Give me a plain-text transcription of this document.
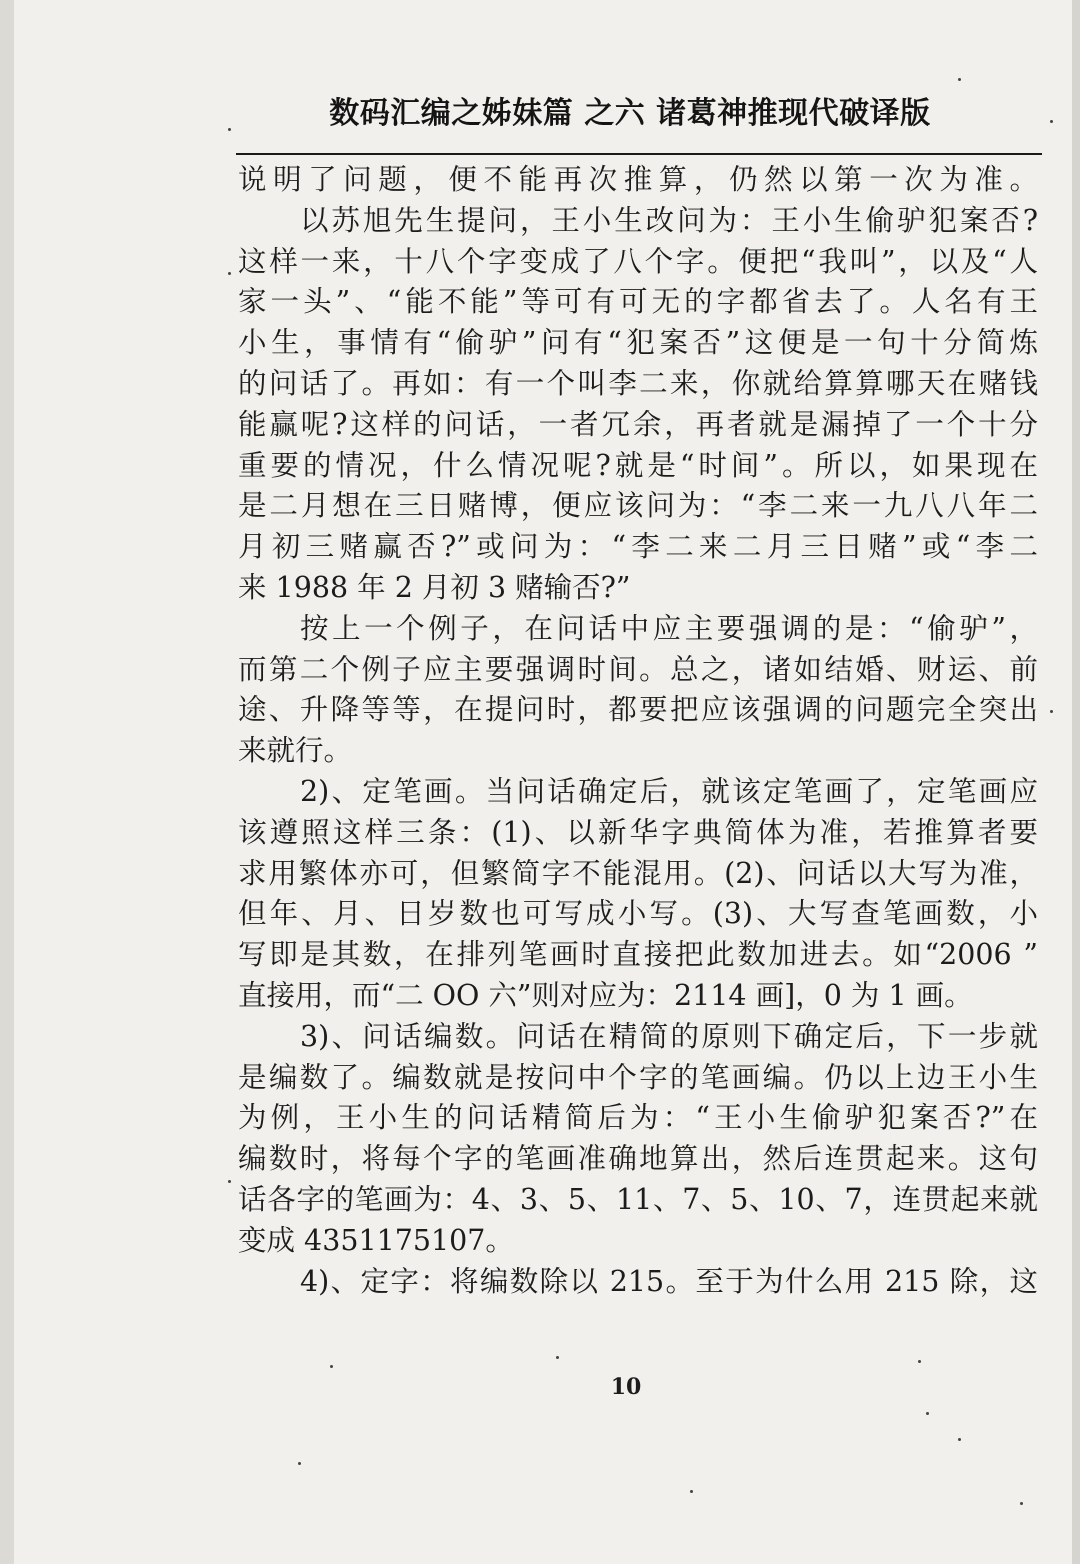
数码汇编之姊妹篇 之六 诸葛神推现代破译版
说明了问题，便不能再次推算，仍然以第一次为准。
以苏旭先生提问，王小生改问为：王小生偷驴犯案否?
这样一来，十八个字变成了八个字。便把“我叫”，以及“人
家一头”、“能不能”等可有可无的字都省去了。人名有王
小生，事情有“偷驴”问有“犯案否”这便是一句十分简炼
的问话了。再如：有一个叫李二来，你就给算算哪天在赌钱
能赢呢?这样的问话，一者冗余，再者就是漏掉了一个十分
重要的情况，什么情况呢?就是“时间”。所以，如果现在
是二月想在三日赌博，便应该问为：“李二来一九八八年二
月初三赌赢否?”或问为：“李二来二月三日赌”或“李二
来 1988 年 2 月初 3 赌输否?”
按上一个例子，在问话中应主要强调的是：“偷驴”，
而第二个例子应主要强调时间。总之，诸如结婚、财运、前
途、升降等等，在提问时，都要把应该强调的问题完全突出
来就行。
2)、定笔画。当问话确定后，就该定笔画了，定笔画应
该遵照这样三条：(1)、以新华字典简体为准，若推算者要
求用繁体亦可，但繁简字不能混用。(2)、问话以大写为准，
但年、月、日岁数也可写成小写。(3)、大写查笔画数，小
写即是其数，在排列笔画时直接把此数加进去。如“2006 ”
直接用，而“二 OO 六”则对应为：2114 画]，0 为 1 画。
3)、问话编数。问话在精简的原则下确定后，下一步就
是编数了。编数就是按问中个字的笔画编。仍以上边王小生
为例，王小生的问话精简后为：“王小生偷驴犯案否?”在
编数时，将每个字的笔画准确地算出，然后连贯起来。这句
话各字的笔画为：4、3、5、11、7、5、10、7，连贯起来就
变成 4351175107。
4)、定字：将编数除以 215。至于为什么用 215 除，这
10
